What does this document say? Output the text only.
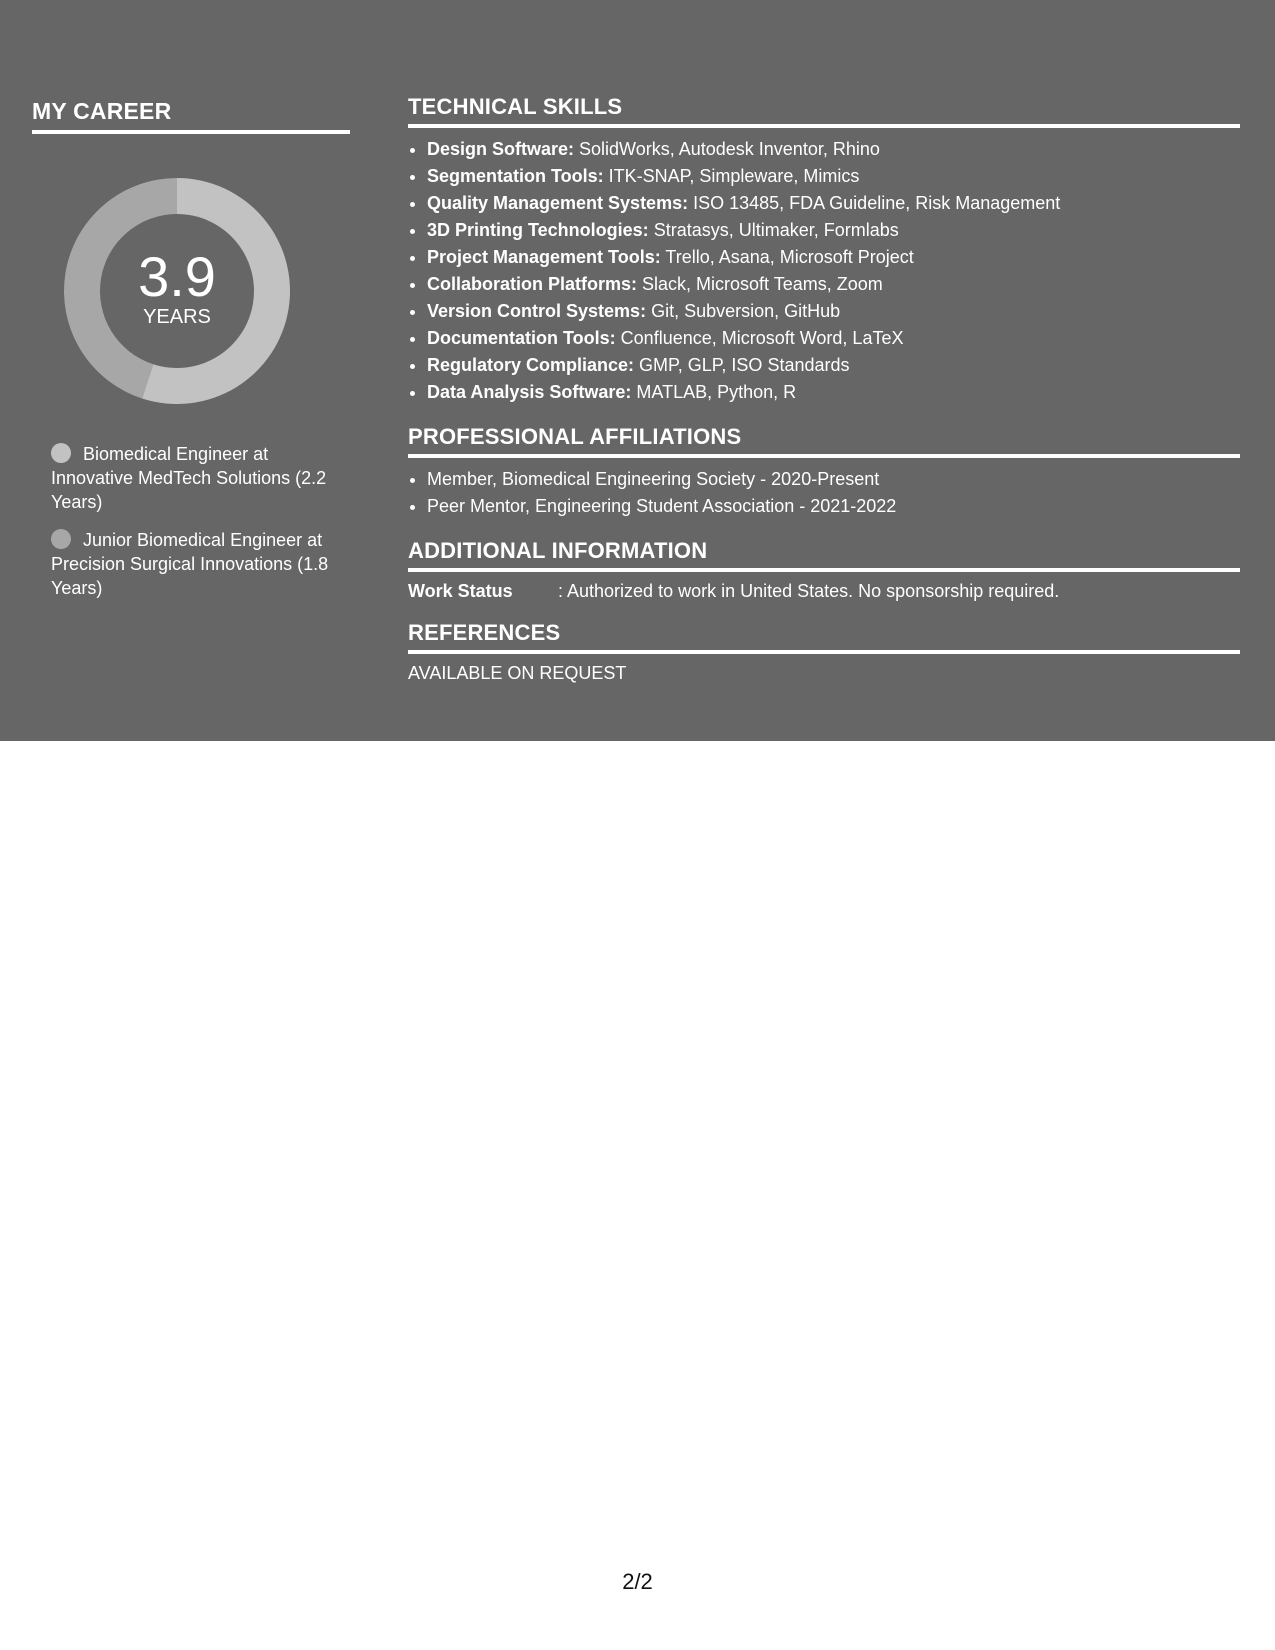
MY CAREER
3.9
YEARS
Biomedical Engineer at Innovative MedTech Solutions (2.2 Years)
Junior Biomedical Engineer at Precision Surgical Innovations (1.8 Years)
TECHNICAL SKILLS
• Design Software: SolidWorks, Autodesk Inventor, Rhino
• Segmentation Tools: ITK-SNAP, Simpleware, Mimics
• Quality Management Systems: ISO 13485, FDA Guideline, Risk Management
• 3D Printing Technologies: Stratasys, Ultimaker, Formlabs
• Project Management Tools: Trello, Asana, Microsoft Project
• Collaboration Platforms: Slack, Microsoft Teams, Zoom
• Version Control Systems: Git, Subversion, GitHub
• Documentation Tools: Confluence, Microsoft Word, LaTeX
• Regulatory Compliance: GMP, GLP, ISO Standards
• Data Analysis Software: MATLAB, Python, R
PROFESSIONAL AFFILIATIONS
• Member, Biomedical Engineering Society - 2020-Present
• Peer Mentor, Engineering Student Association - 2021-2022
ADDITIONAL INFORMATION
Work Status	: Authorized to work in United States. No sponsorship required.
REFERENCES
AVAILABLE ON REQUEST
2/2
